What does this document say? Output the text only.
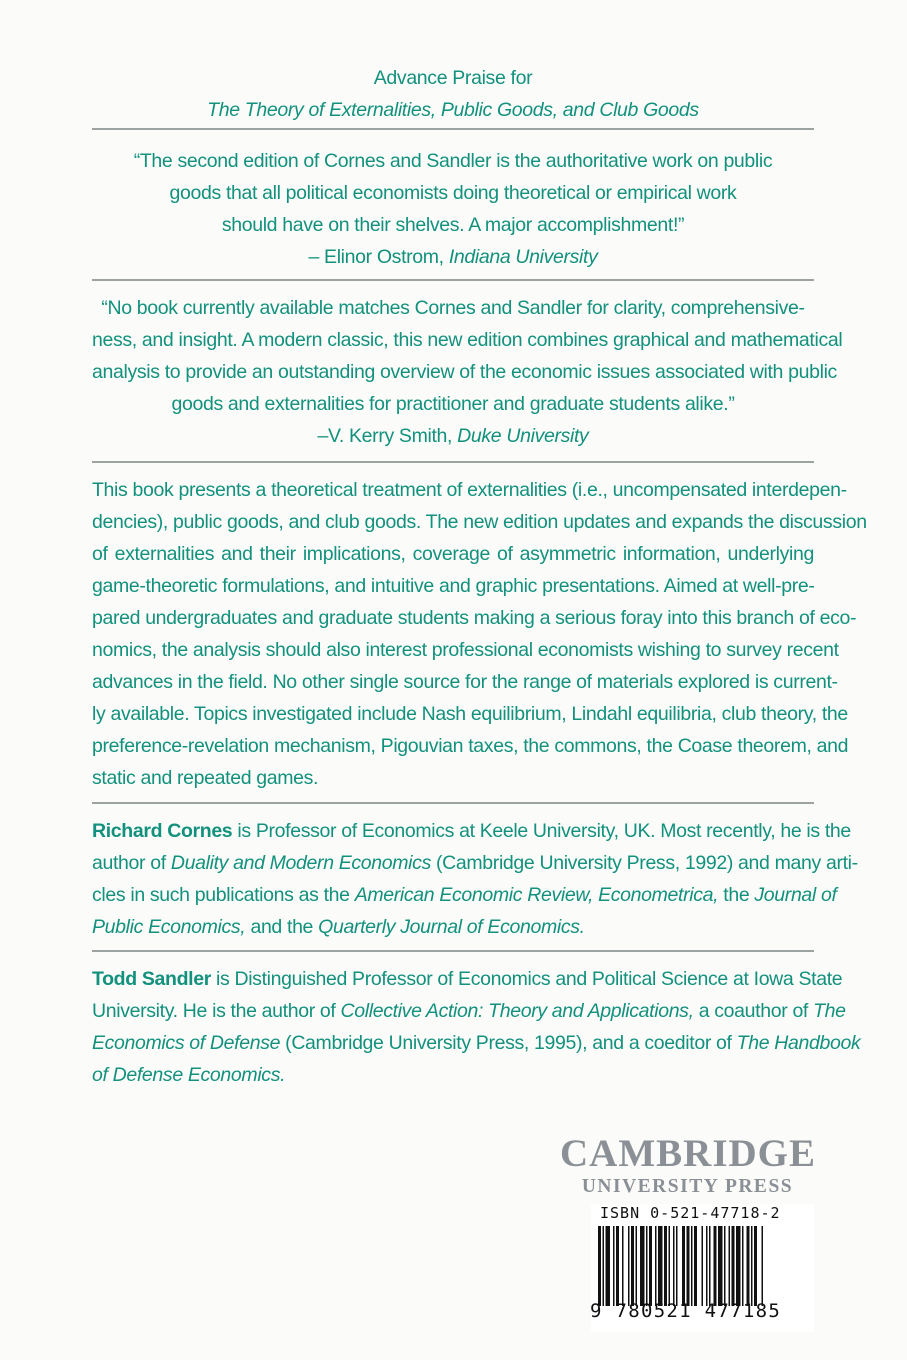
Advance Praise for
The Theory of Externalities, Public Goods, and Club Goods
“The second edition of Cornes and Sandler is the authoritative work on public
goods that all political economists doing theoretical or empirical work
should have on their shelves. A major accomplishment!”
– Elinor Ostrom, Indiana University
“No book currently available matches Cornes and Sandler for clarity, comprehensive-
ness, and insight. A modern classic, this new edition combines graphical and mathematical
analysis to provide an outstanding overview of the economic issues associated with public
goods and externalities for practitioner and graduate students alike.”
–V. Kerry Smith, Duke University
This book presents a theoretical treatment of externalities (i.e., uncompensated interdepen-
dencies), public goods, and club goods. The new edition updates and expands the discussion
of externalities and their implications, coverage of asymmetric information, underlying
game-theoretic formulations, and intuitive and graphic presentations. Aimed at well-pre-
pared undergraduates and graduate students making a serious foray into this branch of eco-
nomics, the analysis should also interest professional economists wishing to survey recent
advances in the field. No other single source for the range of materials explored is current-
ly available. Topics investigated include Nash equilibrium, Lindahl equilibria, club theory, the
preference-revelation mechanism, Pigouvian taxes, the commons, the Coase theorem, and
static and repeated games.
Richard Cornes is Professor of Economics at Keele University, UK. Most recently, he is the
author of Duality and Modern Economics (Cambridge University Press, 1992) and many arti-
cles in such publications as the American Economic Review, Econometrica, the Journal of
Public Economics, and the Quarterly Journal of Economics.
Todd Sandler is Distinguished Professor of Economics and Political Science at Iowa State
University. He is the author of Collective Action: Theory and Applications, a coauthor of The
Economics of Defense (Cambridge University Press, 1995), and a coeditor of The Handbook
of Defense Economics.
CAMBRIDGE
UNIVERSITY PRESS
ISBN 0-521-47718-2
9 780521 477185
